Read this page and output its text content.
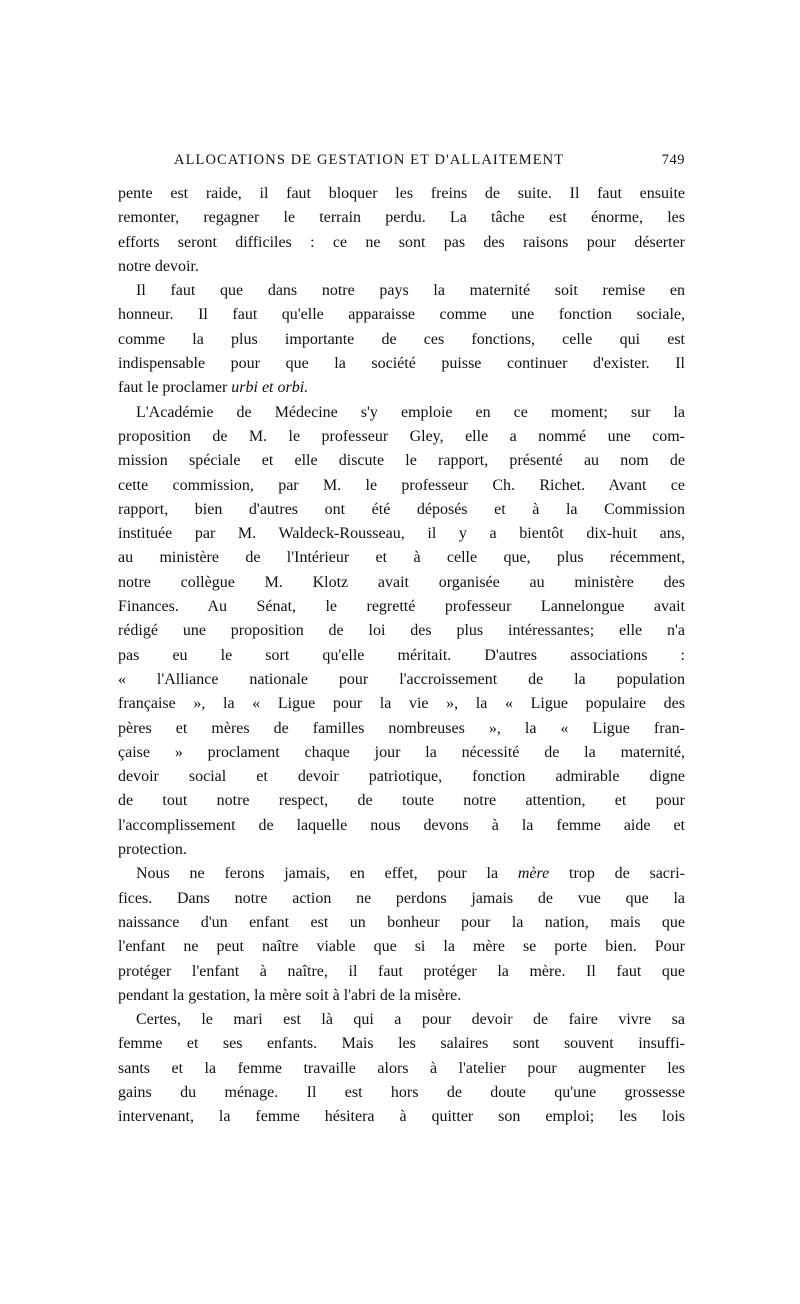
ALLOCATIONS DE GESTATION ET D'ALLAITEMENT	749
pente est raide, il faut bloquer les freins de suite. Il faut ensuite
remonter, regagner le terrain perdu. La tâche est énorme, les
efforts seront difficiles : ce ne sont pas des raisons pour déserter
notre devoir.
Il faut que dans notre pays la maternité soit remise en
honneur. Il faut qu'elle apparaisse comme une fonction sociale,
comme la plus importante de ces fonctions, celle qui est
indispensable pour que la société puisse continuer d'exister. Il
faut le proclamer urbi et orbi.
L'Académie de Médecine s'y emploie en ce moment; sur la
proposition de M. le professeur Gley, elle a nommé une com-
mission spéciale et elle discute le rapport, présenté au nom de
cette commission, par M. le professeur Ch. Richet. Avant ce
rapport, bien d'autres ont été déposés et à la Commission
instituée par M. Waldeck-Rousseau, il y a bientôt dix-huit ans,
au ministère de l'Intérieur et à celle que, plus récemment,
notre collègue M. Klotz avait organisée au ministère des
Finances. Au Sénat, le regretté professeur Lannelongue avait
rédigé une proposition de loi des plus intéressantes; elle n'a
pas eu le sort qu'elle méritait. D'autres associations :
« l'Alliance nationale pour l'accroissement de la population
française », la « Ligue pour la vie », la « Ligue populaire des
pères et mères de familles nombreuses », la « Ligue fran-
çaise » proclament chaque jour la nécessité de la maternité,
devoir social et devoir patriotique, fonction admirable digne
de tout notre respect, de toute notre attention, et pour
l'accomplissement de laquelle nous devons à la femme aide et
protection.
Nous ne ferons jamais, en effet, pour la mère trop de sacri-
fices. Dans notre action ne perdons jamais de vue que la
naissance d'un enfant est un bonheur pour la nation, mais que
l'enfant ne peut naître viable que si la mère se porte bien. Pour
protéger l'enfant à naître, il faut protéger la mère. Il faut que
pendant la gestation, la mère soit à l'abri de la misère.
Certes, le mari est là qui a pour devoir de faire vivre sa
femme et ses enfants. Mais les salaires sont souvent insuffi-
sants et la femme travaille alors à l'atelier pour augmenter les
gains du ménage. Il est hors de doute qu'une grossesse
intervenant, la femme hésitera à quitter son emploi; les lois
